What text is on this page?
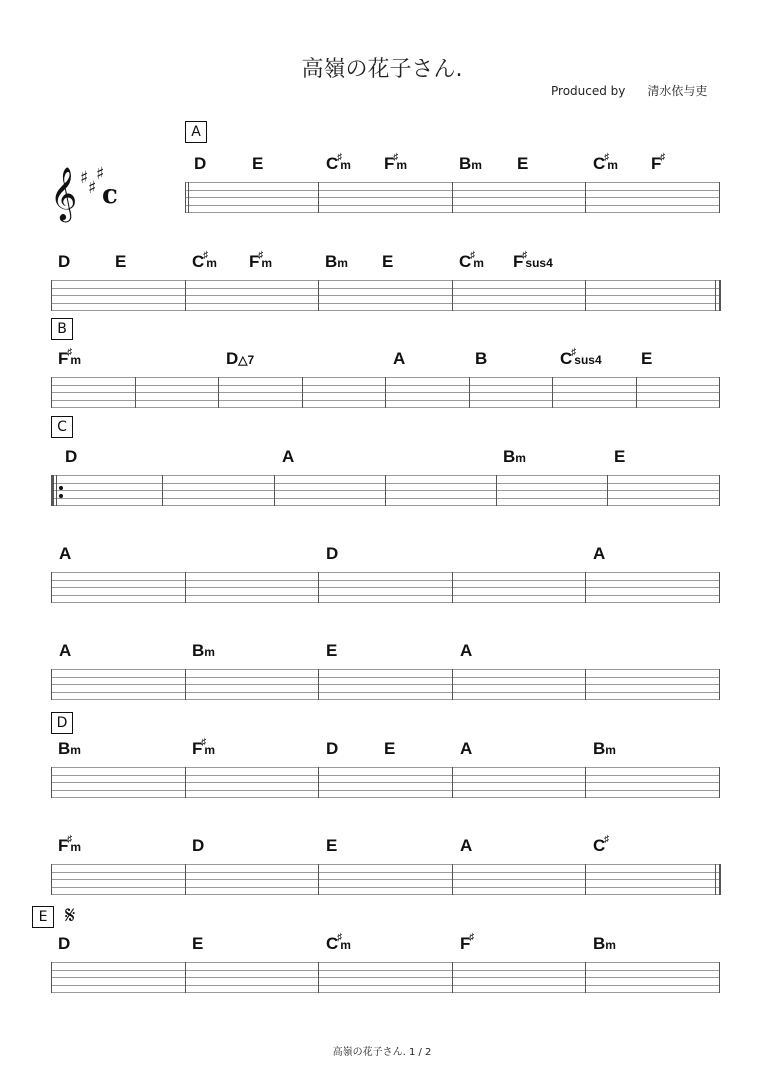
高嶺の花子さん.
Produced by 清水依与吏
A
D	E	C♯m F♯m	Bm E	C♯m F♯
D	E	C♯m F♯m	Bm E	C♯m F♯sus4
B
F♯m	D△7	A	B	C♯sus4 E
C
D	A	Bm	E
A	D	A
A	Bm	E	A
D
Bm	F♯m	D	E	A	Bm
F♯m	D	E	A	C♯
E 𝄋
D	E	C♯m	F♯	Bm
𝄞 ♯ ♯
♯
c
高嶺の花子さん. 1 / 2
